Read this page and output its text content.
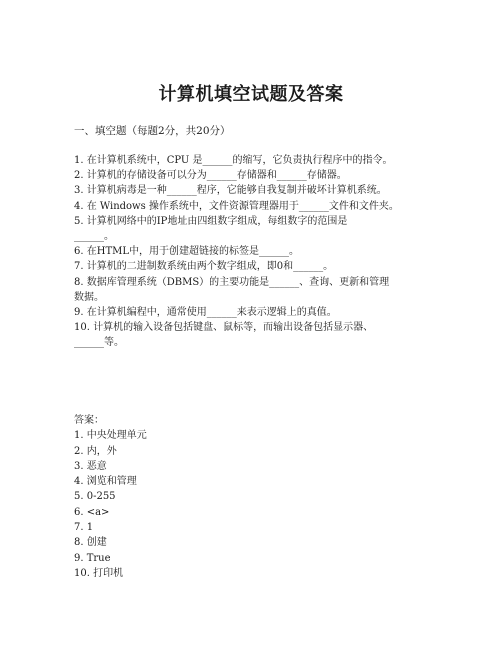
计算机填空试题及答案
一、填空题（每题2分，共20分）
1. 在计算机系统中，CPU 是______的缩写，它负责执行程序中的指令。
2. 计算机的存储设备可以分为______存储器和______存储器。
3. 计算机病毒是一种______程序，它能够自我复制并破坏计算机系统。
4. 在 Windows 操作系统中，文件资源管理器用于______文件和文件夹。
5. 计算机网络中的IP地址由四组数字组成，每组数字的范围是
______。
6. 在HTML中，用于创建超链接的标签是______。
7. 计算机的二进制数系统由两个数字组成，即0和______。
8. 数据库管理系统（DBMS）的主要功能是______、查询、更新和管理
数据。
9. 在计算机编程中，通常使用______来表示逻辑上的真值。
10. 计算机的输入设备包括键盘、鼠标等，而输出设备包括显示器、
______等。
答案：
1. 中央处理单元
2. 内，外
3. 恶意
4. 浏览和管理
5. 0-255
6. <a>
7. 1
8. 创建
9. True
10. 打印机
